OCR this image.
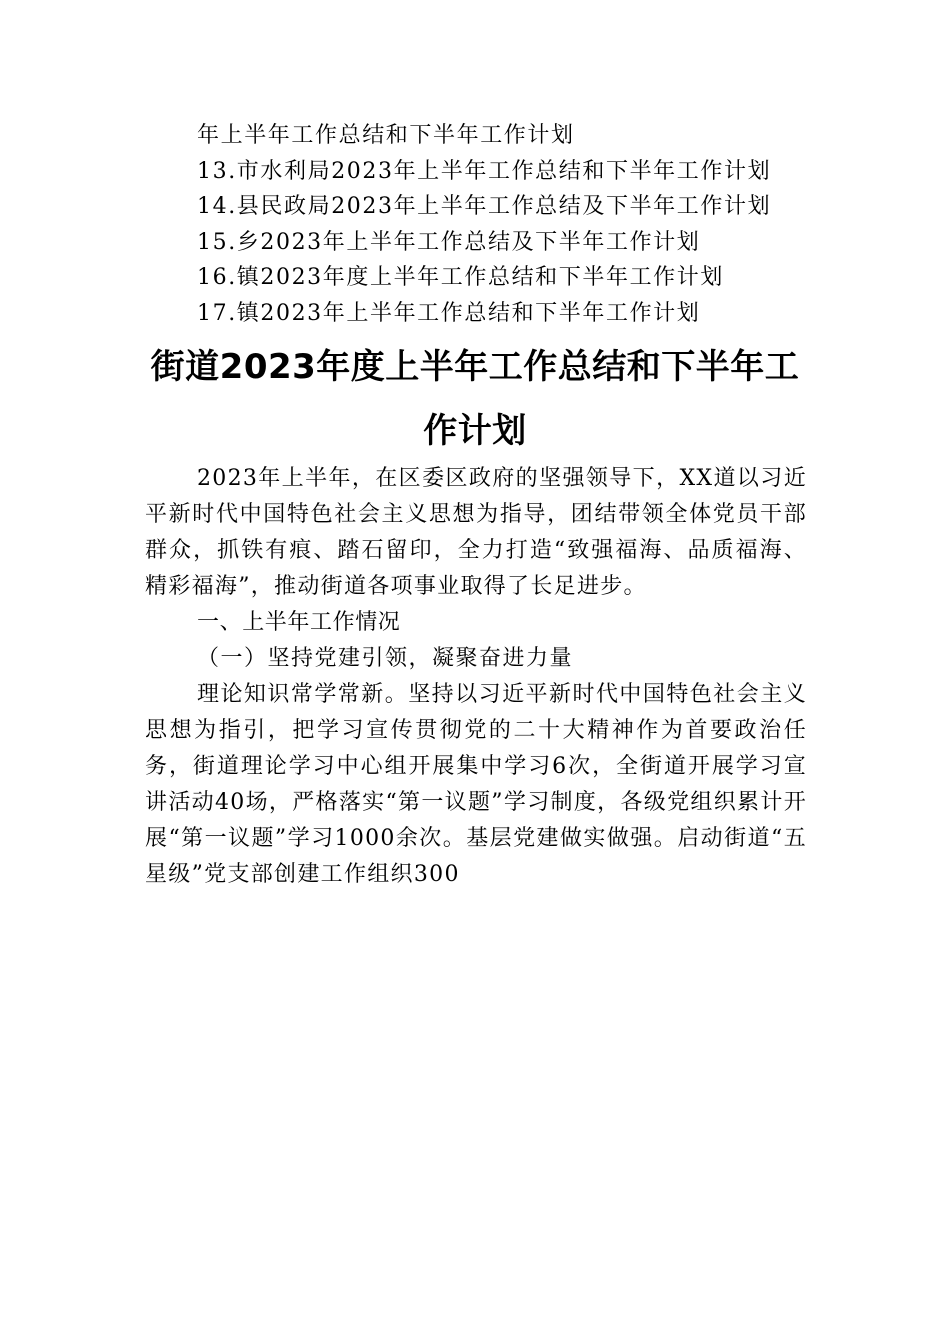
年上半年工作总结和下半年工作计划
13.市水利局2023年上半年工作总结和下半年工作计划
14.县民政局2023年上半年工作总结及下半年工作计划
15.乡2023年上半年工作总结及下半年工作计划
16.镇2023年度上半年工作总结和下半年工作计划
17.镇2023年上半年工作总结和下半年工作计划
街道2023年度上半年工作总结和下半年工作计划

2023年上半年，在区委区政府的坚强领导下，XX道以习近平新时代中国特色社会主义思想为指导，团结带领全体党员干部群众，抓铁有痕、踏石留印，全力打造“致强福海、品质福海、精彩福海”，推动街道各项事业取得了长足进步。

一、上半年工作情况

（一）坚持党建引领，凝聚奋进力量

理论知识常学常新。坚持以习近平新时代中国特色社会主义思想为指引，把学习宣传贯彻党的二十大精神作为首要政治任务，街道理论学习中心组开展集中学习6次，全街道开展学习宣讲活动40场，严格落实“第一议题”学习制度，各级党组织累计开展“第一议题”学习1000余次。基层党建做实做强。启动街道“五星级”党支部创建工作组织300
